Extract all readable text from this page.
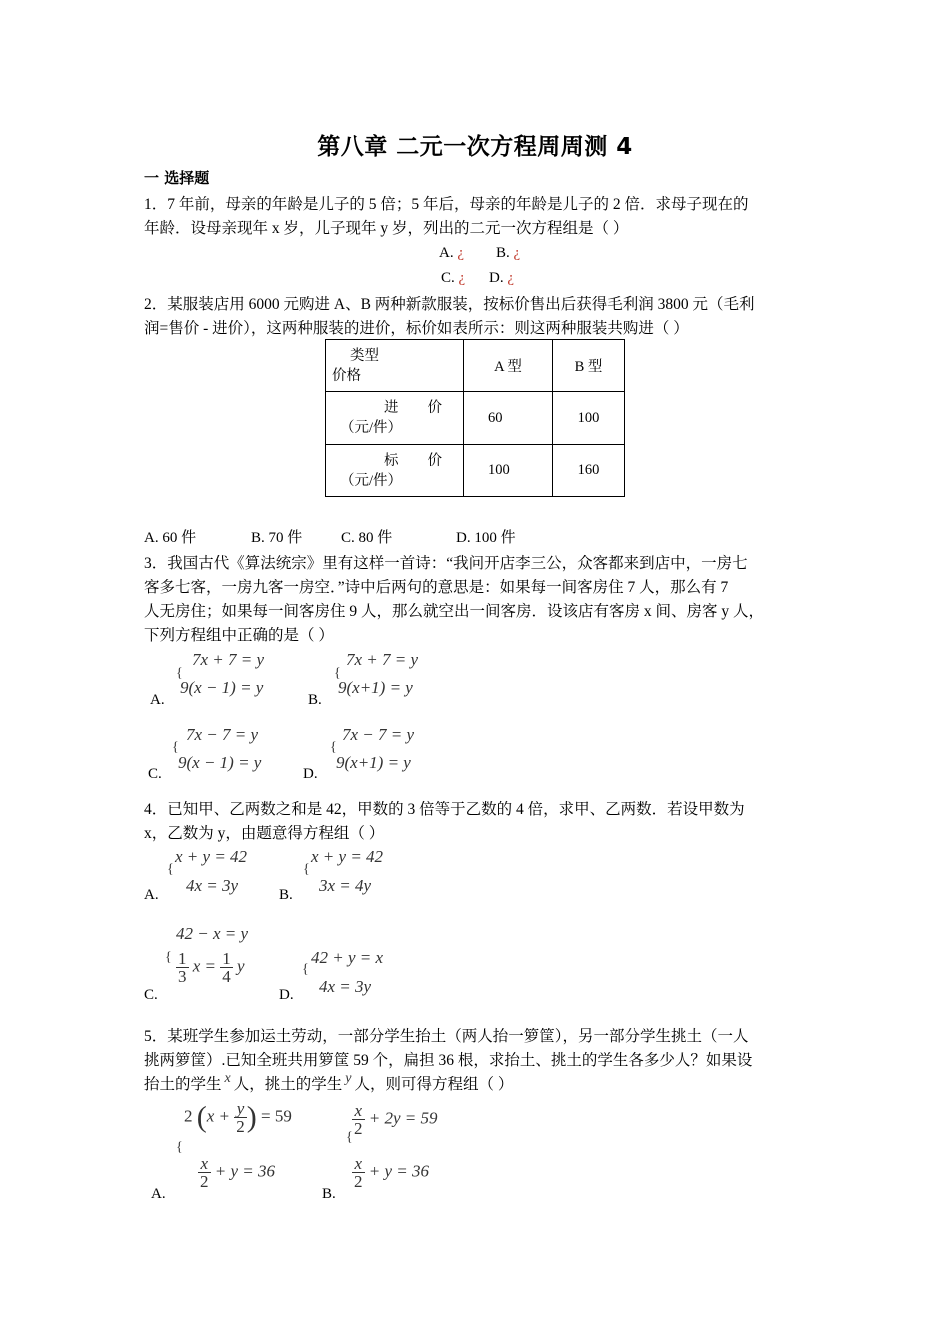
第八章 二元一次方程周周测 4
一 选择题
1．7 年前，母亲的年龄是儿子的 5 倍；5 年后，母亲的年龄是儿子的 2 倍．求母子现在的
年龄．设母亲现年 x 岁，儿子现年 y 岁，列出的二元一次方程组是（ ）
A. ¿ B. ¿
C. ¿ D. ¿
2．某服装店用 6000 元购进 A、B 两种新款服装，按标价售出后获得毛利润 3800 元（毛利
润=售价 - 进价），这两种服装的进价，标价如表所示：则这两种服装共购进（ ）
类型
价格	A 型	B 型

进        价
（元/件）	60	100

标        价
（元/件）	100	160
A. 60 件	B. 70 件	C. 80 件	D. 100 件
3．我国古代《算法统宗》里有这样一首诗：“我问开店李三公，众客都来到店中，一房七
客多七客，一房九客一房空．”诗中后两句的意思是：如果每一间客房住 7 人，那么有 7
人无房住；如果每一间客房住 9 人，那么就空出一间客房．设该店有客房 x 间、房客 y 人，
下列方程组中正确的是（ ）
A.
{
7x + 7 = y
9(x − 1) = y
B.
{
7x + 7 = y
9(x+1) = y
C.
{
7x − 7 = y
9(x − 1) = y
D.
{
7x − 7 = y
9(x+1) = y
4．已知甲、乙两数之和是 42，甲数的 3 倍等于乙数的 4 倍，求甲、乙两数．若设甲数为
x，乙数为 y，由题意得方程组（ ）
A.
{
x + y = 42
4x = 3y	B.
{
x + y = 42
3x = 4y
C.
{
42 − x = y
$\frac{1}{3}$ $x = \frac{1}{4}$ y
D.
{
42 + y = x
4x = 3y
5．某班学生参加运土劳动，一部分学生抬土（两人抬一箩筐），另一部分学生挑土（一人
挑两箩筐）.已知全班共用箩筐 59 个，扁担 36 根，求抬土、挑土的学生各多少人？如果设
抬土的学生 x 人，挑土的学生 y 人，则可得方程组（ ）
A.
{
2 ($x + \frac{y}{2}$ ) = 59
$\frac{x}{2} + y = 36$
B.
{
$\frac{x}{2} + 2y = 59$
$\frac{x}{2} + y = 36$
